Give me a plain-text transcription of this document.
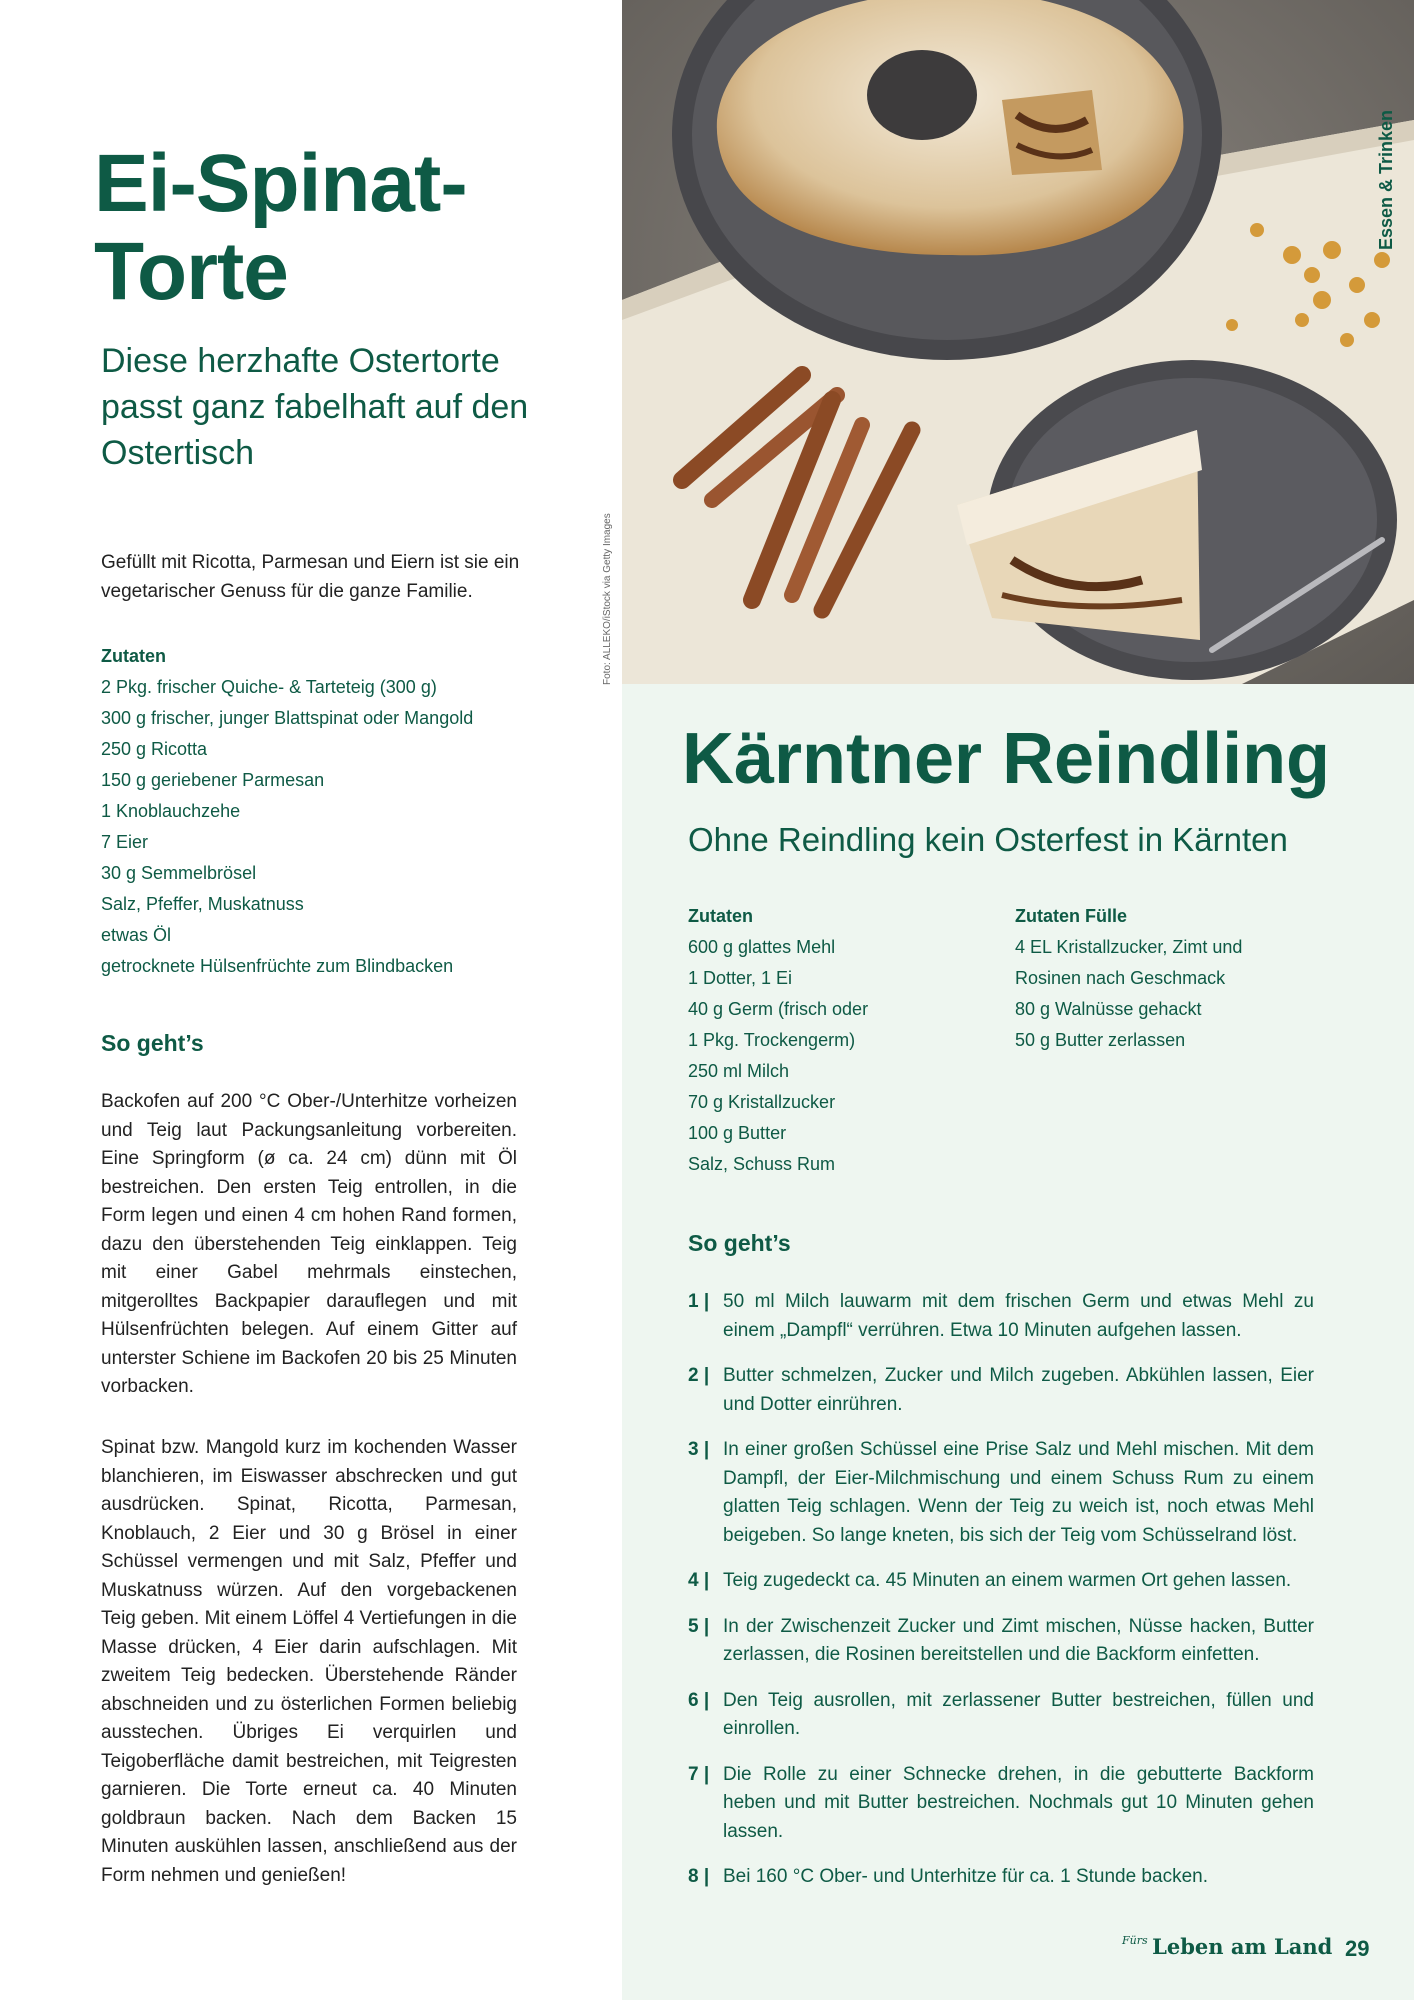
Foto: ALLEKO/iStock via Getty Images
Essen & Trinken
Ei-Spinat-
Torte

Diese herzhafte Ostertorte passt ganz fabelhaft auf den Ostertisch

Gefüllt mit Ricotta, Parmesan und Eiern ist sie ein vegetarischer Genuss für die ganze Familie.

Zutaten
2 Pkg. frischer Quiche- & Tarteteig (300 g)
300 g frischer, junger Blattspinat oder Mangold
250 g Ricotta
150 g geriebener Parmesan
1 Knoblauchzehe
7 Eier
30 g Semmelbrösel
Salz, Pfeffer, Muskatnuss
etwas Öl
getrocknete Hülsenfrüchte zum Blindbacken
So geht’s

Backofen auf 200 °C Ober-/Unterhitze vorheizen und Teig laut Packungsanleitung vorbereiten. Eine Springform (ø ca. 24 cm) dünn mit Öl bestreichen. Den ersten Teig entrollen, in die Form legen und einen 4 cm hohen Rand formen, dazu den überstehenden Teig einklappen. Teig mit einer Gabel mehrmals einstechen, mitgerolltes Backpapier darauflegen und mit Hülsenfrüchten belegen. Auf einem Gitter auf unterster Schiene im Backofen 20 bis 25 Minuten vorbacken.

Spinat bzw. Mangold kurz im kochenden Wasser blanchieren, im Eiswasser abschrecken und gut ausdrücken. Spinat, Ricotta, Parmesan, Knoblauch, 2 Eier und 30 g Brösel in einer Schüssel vermengen und mit Salz, Pfeffer und Muskatnuss würzen. Auf den vorgebackenen Teig geben. Mit einem Löffel 4 Vertiefungen in die Masse drücken, 4 Eier darin aufschlagen. Mit zweitem Teig bedecken. Überstehende Ränder abschneiden und zu österlichen Formen beliebig ausstechen. Übriges Ei verquirlen und Teigoberfläche damit bestreichen, mit Teigresten garnieren. Die Torte erneut ca. 40 Minuten goldbraun backen. Nach dem Backen 15 Minuten auskühlen lassen, anschließend aus der Form nehmen und genießen!

Kärntner Reindling

Ohne Reindling kein Osterfest in Kärnten

Zutaten
600 g glattes Mehl
1 Dotter, 1 Ei
40 g Germ (frisch oder
1 Pkg. Trockengerm)
250 ml Milch
70 g Kristallzucker
100 g Butter
Salz, Schuss Rum
Zutaten Fülle
4 EL Kristallzucker, Zimt und
Rosinen nach Geschmack
80 g Walnüsse gehackt
50 g Butter zerlassen
So geht’s
1 | 50 ml Milch lauwarm mit dem frischen Germ und etwas Mehl zu einem „Dampfl“ verrühren. Etwa 10 Minuten aufgehen lassen.
2 | Butter schmelzen, Zucker und Milch zugeben. Abkühlen lassen, Eier und Dotter einrühren.
3 | In einer großen Schüssel eine Prise Salz und Mehl mischen. Mit dem Dampfl, der Eier-Milchmischung und einem Schuss Rum zu einem glatten Teig schlagen. Wenn der Teig zu weich ist, noch etwas Mehl beigeben. So lange kneten, bis sich der Teig vom Schüsselrand löst.
4 | Teig zugedeckt ca. 45 Minuten an einem warmen Ort gehen lassen.
5 | In der Zwischenzeit Zucker und Zimt mischen, Nüsse hacken, Butter zerlassen, die Rosinen bereitstellen und die Backform einfetten.
6 | Den Teig ausrollen, mit zerlassener Butter bestreichen, füllen und einrollen.
7 | Die Rolle zu einer Schnecke drehen, in die gebutterte Backform heben und mit Butter bestreichen. Nochmals gut 10 Minuten gehen lassen.
8 | Bei 160 °C Ober- und Unterhitze für ca. 1 Stunde backen.
$^{Fürs}$ Leben am Land 29
